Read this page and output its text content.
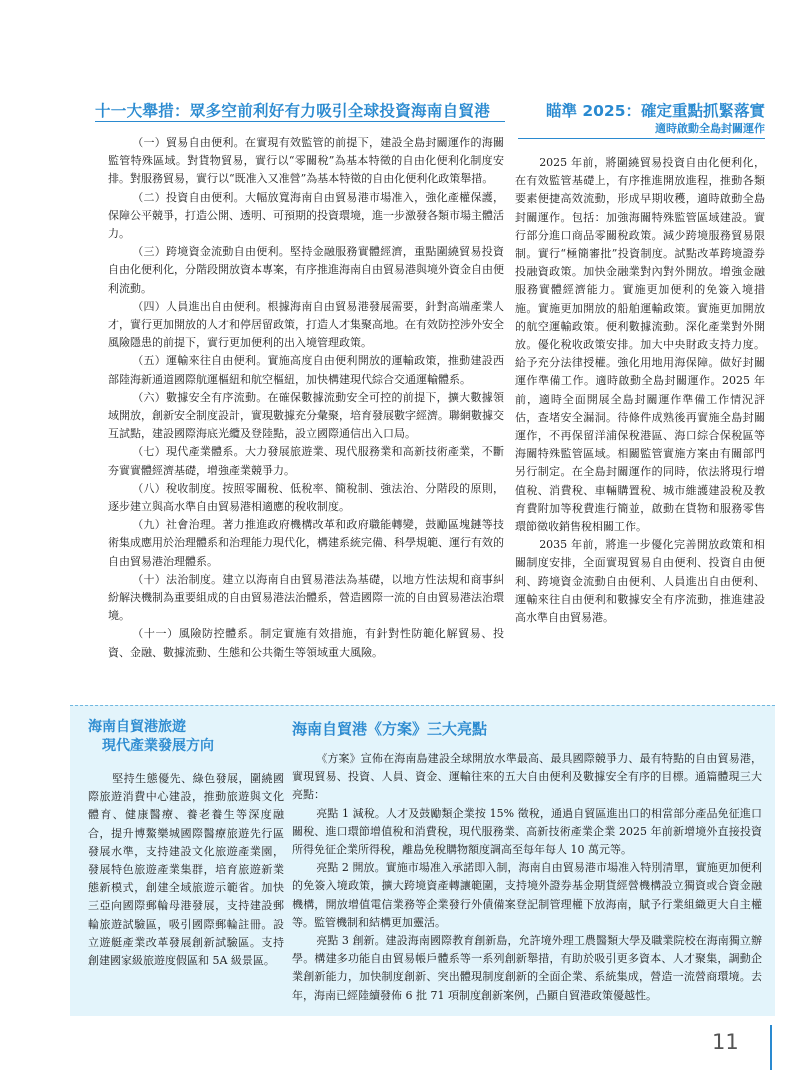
十一大舉措：眾多空前利好有力吸引全球投資海南自貿港

（一）貿易自由便利。在實現有效監管的前提下，建設全島封關運作的海關監管特殊區域。對貨物貿易，實行以“零關稅”為基本特徵的自由化便利化制度安排。對服務貿易，實行以“既准入又准營”為基本特徵的自由化便利化政策舉措。

（二）投資自由便利。大幅放寬海南自由貿易港市場准入，強化產權保護，保障公平競爭，打造公開、透明、可預期的投資環境，進一步激發各類市場主體活力。

（三）跨境資金流動自由便利。堅持金融服務實體經濟，重點圍繞貿易投資自由化便利化，分階段開放資本專案，有序推進海南自由貿易港與境外資金自由便利流動。

（四）人員進出自由便利。根據海南自由貿易港發展需要，針對高端產業人才，實行更加開放的人才和停居留政策，打造人才集聚高地。在有效防控涉外安全風險隱患的前提下，實行更加便利的出入境管理政策。

（五）運輸來往自由便利。實施高度自由便利開放的運輸政策，推動建設西部陸海新通道國際航運樞紐和航空樞紐，加快構建現代綜合交通運輸體系。

（六）數據安全有序流動。在確保數據流動安全可控的前提下，擴大數據領域開放，創新安全制度設計，實現數據充分彙聚，培育發展數字經濟。聯網數據交互試點，建設國際海底光纜及登陸點，設立國際通信出入口局。

（七）現代產業體系。大力發展旅遊業、現代服務業和高新技術產業，不斷夯實實體經濟基礎，增強產業競爭力。

（八）稅收制度。按照零關稅、低稅率、簡稅制、強法治、分階段的原則，逐步建立與高水準自由貿易港相適應的稅收制度。

（九）社會治理。著力推進政府機構改革和政府職能轉變，鼓勵區塊鏈等技術集成應用於治理體系和治理能力現代化，構建系統完備、科學規範、運行有效的自由貿易港治理體系。

（十）法治制度。建立以海南自由貿易港法為基礎，以地方性法規和商事糾紛解決機制為重要組成的自由貿易港法治體系，營造國際一流的自由貿易港法治環境。

（十一）風險防控體系。制定實施有效措施，有針對性防範化解貿易、投資、金融、數據流動、生態和公共衛生等領域重大風險。

瞄準 2025：確定重點抓緊落實
適時啟動全島封關運作

2025 年前，將圍繞貿易投資自由化便利化，在有效監管基礎上，有序推進開放進程，推動各類要素便捷高效流動，形成早期收穫，適時啟動全島封關運作。包括：加強海關特殊監管區域建設。實行部分進口商品零關稅政策。減少跨境服務貿易限制。實行“極簡審批”投資制度。試點改革跨境證券投融資政策。加快金融業對內對外開放。增強金融服務實體經濟能力。實施更加便利的免簽入境措施。實施更加開放的船舶運輸政策。實施更加開放的航空運輸政策。便利數據流動。深化產業對外開放。優化稅收政策安排。加大中央財政支持力度。給予充分法律授權。強化用地用海保障。做好封關運作準備工作。適時啟動全島封關運作。2025 年前，適時全面開展全島封關運作準備工作情況評估，查堵安全漏洞。待條件成熟後再實施全島封關運作，不再保留洋浦保稅港區、海口綜合保稅區等海關特殊監管區域。相關監管實施方案由有關部門另行制定。在全島封關運作的同時，依法將現行增值稅、消費稅、車輛購置稅、城市維護建設稅及教育費附加等稅費進行簡並，啟動在貨物和服務零售環節徵收銷售稅相關工作。

2035 年前，將進一步優化完善開放政策和相關制度安排，全面實現貿易自由便利、投資自由便利、跨境資金流動自由便利、人員進出自由便利、運輸來往自由便利和數據安全有序流動，推進建設高水準自由貿易港。

海南自貿港旅遊
現代產業發展方向

堅持生態優先、綠色發展，圍繞國際旅遊消費中心建設，推動旅遊與文化體育、健康醫療、養老養生等深度融合，提升博鰲樂城國際醫療旅遊先行區發展水準，支持建設文化旅遊產業園，發展特色旅遊產業集群，培育旅遊新業態新模式，創建全域旅遊示範省。加快三亞向國際郵輪母港發展，支持建設郵輪旅遊試驗區，吸引國際郵輪註冊。設立遊艇產業改革發展創新試驗區。支持創建國家級旅遊度假區和 5A 級景區。

海南自貿港《方案》三大亮點

《方案》宣佈在海南島建設全球開放水準最高、最具國際競爭力、最有特點的自由貿易港，實現貿易、投資、人員、資金、運輸往來的五大自由便利及數據安全有序的目標。通篇體現三大亮點：

亮點 1 減稅。人才及鼓勵類企業按 15% 徵稅，通過自貿區進出口的相當部分產品免征進口關稅、進口環節增值稅和消費稅，現代服務業、高新技術產業企業 2025 年前新增境外直接投資所得免征企業所得稅，離島免稅購物額度調高至每年每人 10 萬元等。

亮點 2 開放。實施市場准入承諾即入制，海南自由貿易港市場准入特別清單，實施更加便利的免簽入境政策，擴大跨境資產轉讓範圍，支持境外證券基金期貨經營機構設立獨資或合資金融機構，開放增值電信業務等企業發行外債備案登記制管理權下放海南，賦予行業組織更大自主權等。監管機制和結構更加靈活。

亮點 3 創新。建設海南國際教育創新島，允許境外理工農醫類大學及職業院校在海南獨立辦學。構建多功能自由貿易帳戶體系等一系列創新舉措，有助於吸引更多資本、人才聚集，調動企業創新能力，加快制度創新、突出體現制度創新的全面企業、系統集成，營造一流營商環境。去年，海南已經陸續發佈 6 批 71 項制度創新案例，凸顯自貿港政策優越性。

11
